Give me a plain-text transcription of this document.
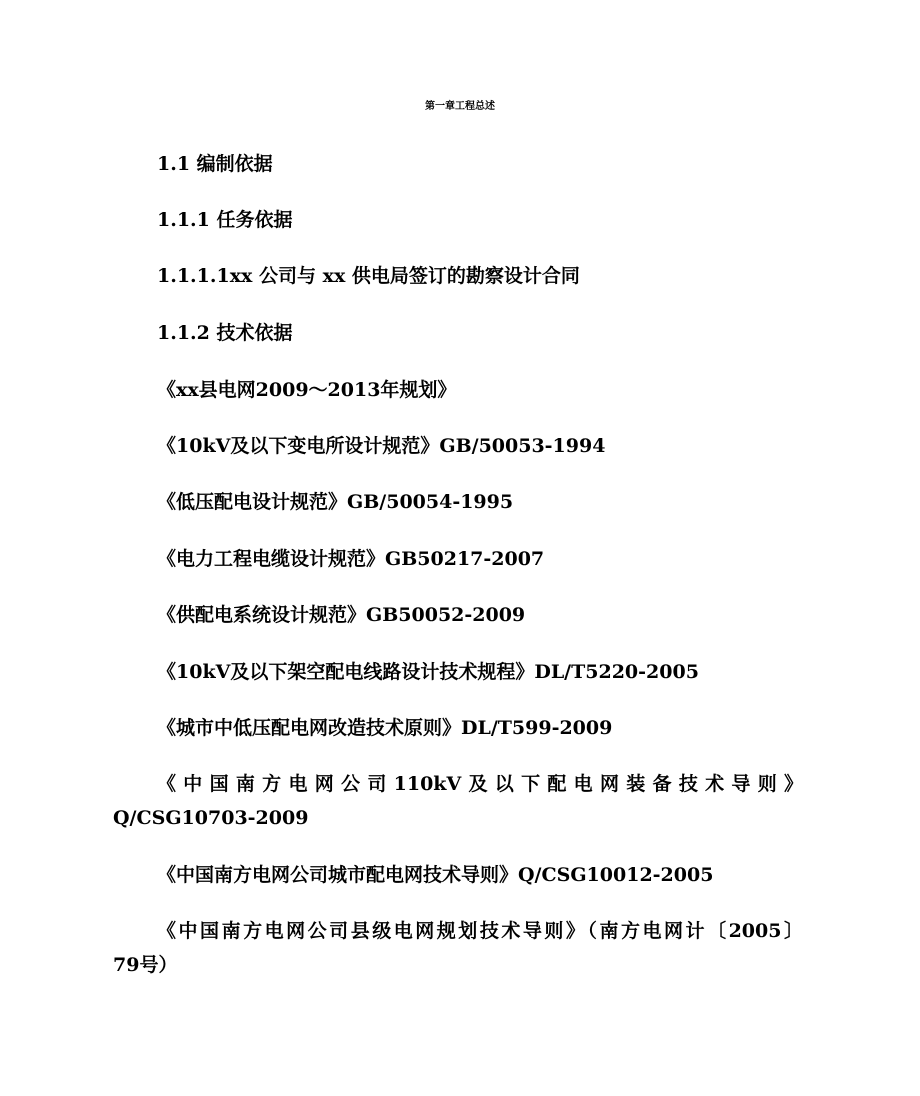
第一章工程总述
1.1 编制依据
1.1.1 任务依据
1.1.1.1xx 公司与 xx 供电局签订的勘察设计合同
1.1.2 技术依据
《xx县电网2009～2013年规划》
《10kV及以下变电所设计规范》GB/50053-1994
《低压配电设计规范》GB/50054-1995
《电力工程电缆设计规范》GB50217-2007
《供配电系统设计规范》GB50052-2009
《10kV及以下架空配电线路设计技术规程》DL/T5220-2005
《城市中低压配电网改造技术原则》DL/T599-2009
《中国南方电网公司110kV及以下配电网装备技术导则》
Q/CSG10703-2009
《中国南方电网公司城市配电网技术导则》Q/CSG10012-2005
《中国南方电网公司县级电网规划技术导则》（南方电网计〔2005〕
79号）
